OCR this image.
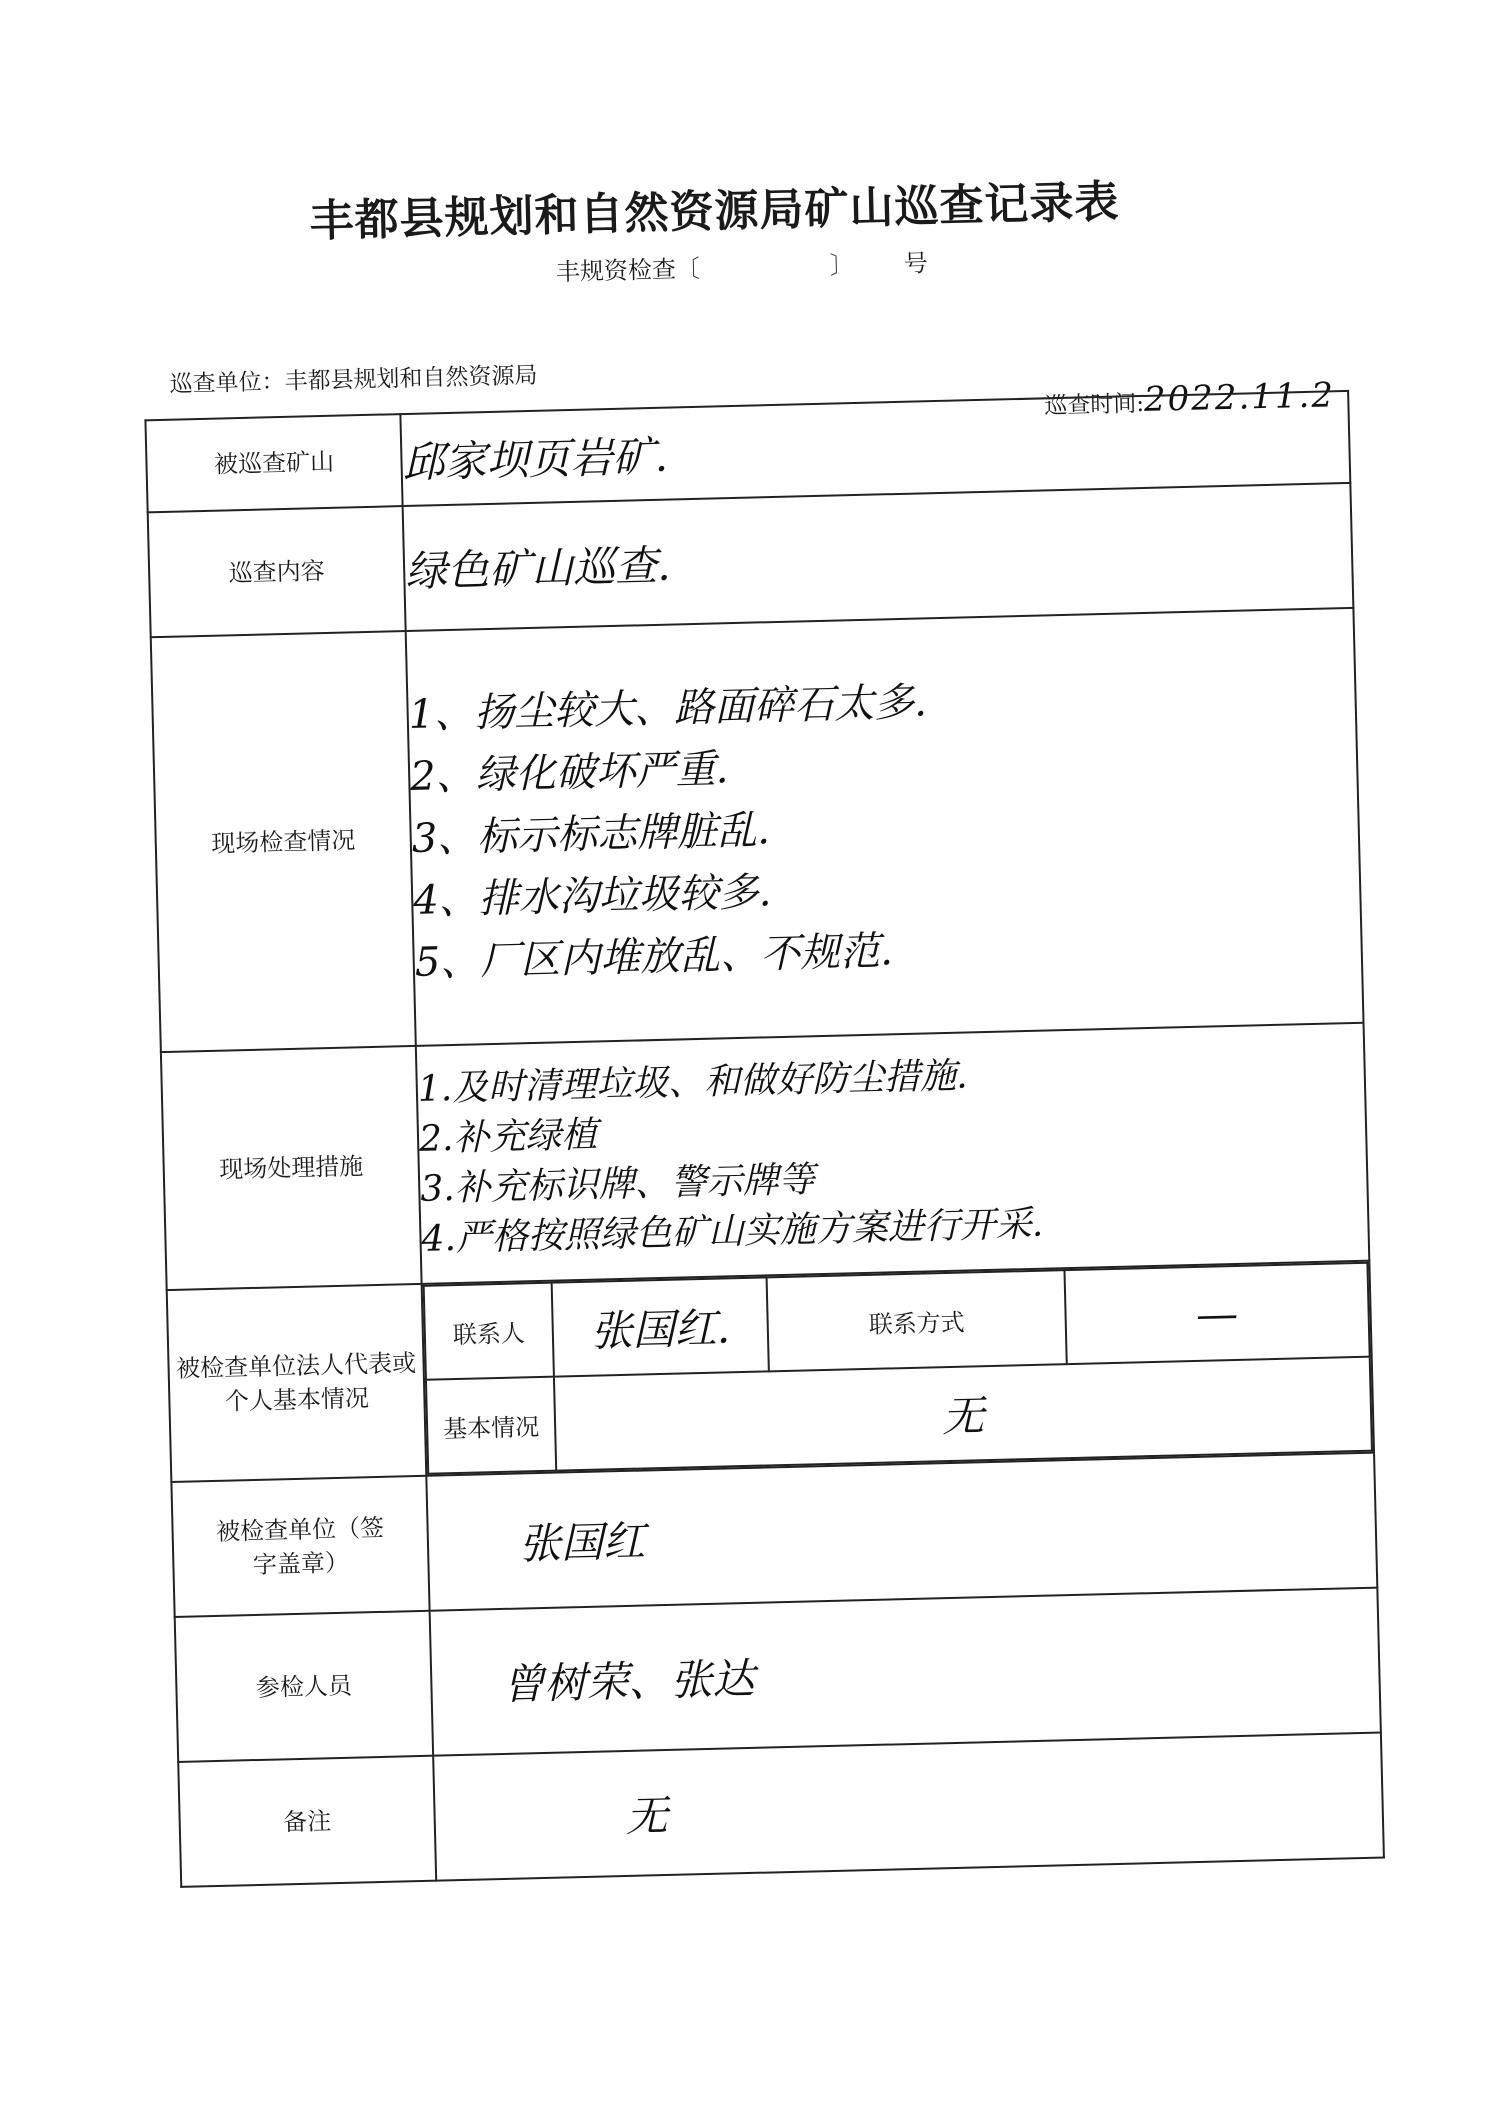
丰都县规划和自然资源局矿山巡查记录表
丰规资检查〔	〕 号
巡查单位：丰都县规划和自然资源局
巡查时间:2022.11.2
被巡查矿山	邱家坝页岩矿.
巡查内容	绿色矿山巡查.
现场检查情况	
1、扬尘较大、路面碎石太多.
2、绿化破坏严重.
3、标示标志牌脏乱.
4、排水沟垃圾较多.
5、厂区内堆放乱、不规范.

现场处理措施	
1.及时清理垃圾、和做好防尘措施.
2.补充绿植
3.补充标识牌、警示牌等
4.严格按照绿色矿山实施方案进行开采.

被检查单位法人代表或个人基本情况	
联系人	张国红.	联系方式	—
基本情况	无

被检查单位（签字盖章）	张国红
参检人员	曾树荣、张达
备注	无
